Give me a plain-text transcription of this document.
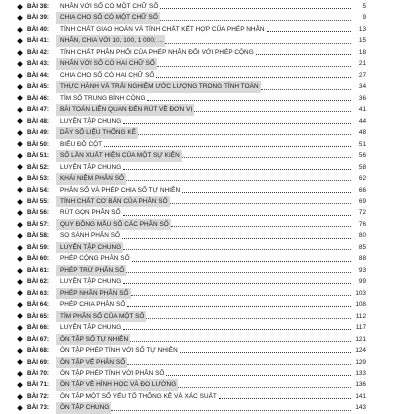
BÀI 38:	NHÂN VỚI SỐ CÓ MỘT CHỮ SỐ	5
BÀI 39:	CHIA CHO SỐ CÓ MỘT CHỮ SỐ	9
BÀI 40:	TÍNH CHẤT GIAO HOÁN VÀ TÍNH CHẤT KẾT HỢP CỦA PHÉP NHÂN	13
BÀI 41:	NHÂN, CHIA VỚI 10, 100, 1 000; ...	15
BÀI 42:	TÍNH CHẤT PHÂN PHỐI CỦA PHÉP NHÂN ĐỐI VỚI PHÉP CỘNG	18
BÀI 43:	NHÂN VỚI SỐ CÓ HAI CHỮ SỐ	21
BÀI 44:	CHIA CHO SỐ CÓ HAI CHỮ SỐ	27
BÀI 45:	THỰC HÀNH VÀ TRẢI NGHIỆM ƯỚC LƯỢNG TRONG TÍNH TOÁN	34
BÀI 46:	TÌM SỐ TRUNG BÌNH CỘNG	36
BÀI 47:	BÀI TOÁN LIÊN QUAN ĐẾN RÚT VỀ ĐƠN VỊ	41
BÀI 48:	LUYỆN TẬP CHUNG	44
BÀI 49:	DÃY SỐ LIỆU THỐNG KÊ	48
BÀI 50:	BIỂU ĐỒ CỘT	51
BÀI 51:	SỐ LẦN XUẤT HIỆN CỦA MỘT SỰ KIỆN	56
BÀI 52:	LUYỆN TẬP CHUNG	58
BÀI 53:	KHÁI NIỆM PHÂN SỐ	62
BÀI 54:	PHÂN SỐ VÀ PHÉP CHIA SỐ TỰ NHIÊN	66
BÀI 55:	TÍNH CHẤT CƠ BẢN CỦA PHÂN SỐ	69
BÀI 56:	RÚT GỌN PHÂN SỐ	72
BÀI 57:	QUY ĐỒNG MẪU SỐ CÁC PHÂN SỐ	76
BÀI 58:	SO SÁNH PHÂN SỐ	80
BÀI 59:	LUYỆN TẬP CHUNG	85
BÀI 60:	PHÉP CỘNG PHÂN SỐ	88
BÀI 61:	PHÉP TRỪ PHÂN SỐ	93
BÀI 62:	LUYỆN TẬP CHUNG	99
BÀI 63:	PHÉP NHÂN PHÂN SỐ	103
BÀI 64:	PHÉP CHIA PHÂN SỐ	108
BÀI 65:	TÌM PHÂN SỐ CỦA MỘT SỐ	112
BÀI 66:	LUYỆN TẬP CHUNG	117
BÀI 67:	ÔN TẬP SỐ TỰ NHIÊN	121
BÀI 68:	ÔN TẬP PHÉP TÍNH VỚI SỐ TỰ NHIÊN	124
BÀI 69:	ÔN TẬP VỀ PHÂN SỐ	129
BÀI 70:	ÔN TẬP PHÉP TÍNH VỚI PHÂN SỐ	133
BÀI 71:	ÔN TẬP VỀ HÌNH HỌC VÀ ĐO LƯỜNG	136
BÀI 72:	ÔN TẬP MỘT SỐ YẾU TỐ THỐNG KÊ VÀ XÁC SUẤT	141
BÀI 73:	ÔN TẬP CHUNG	143
